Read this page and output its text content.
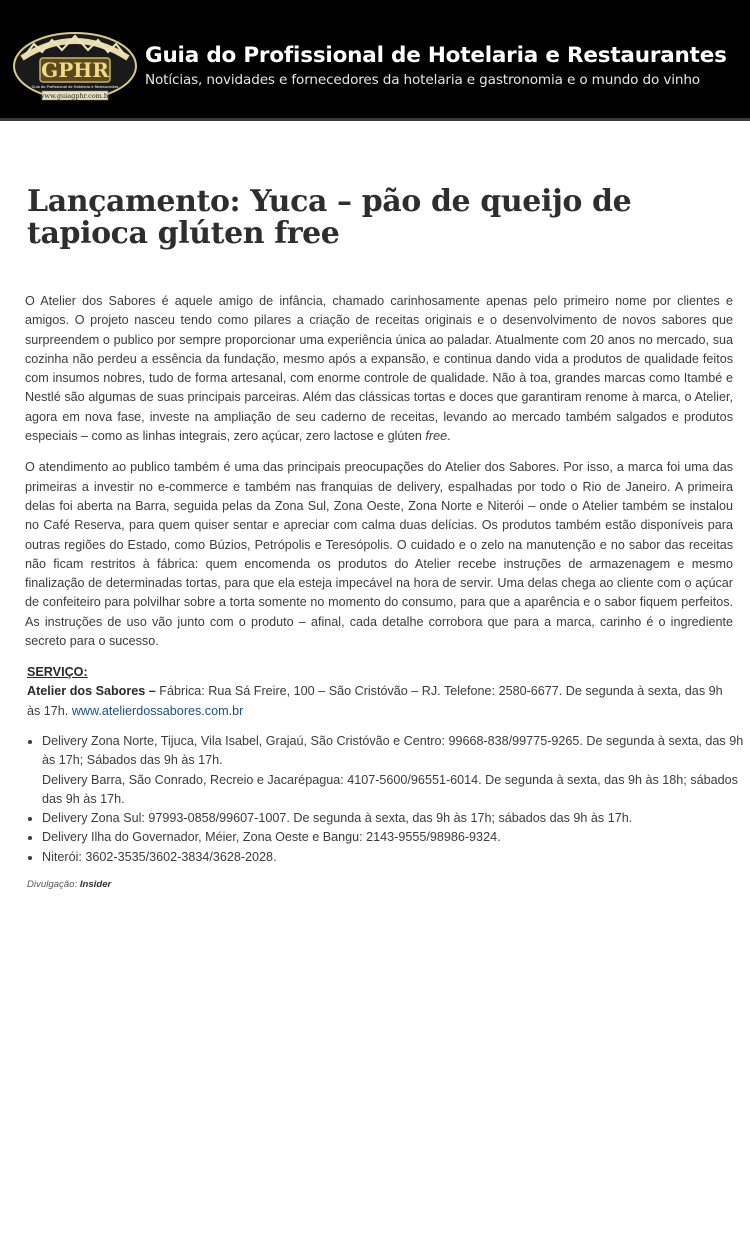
GPHR
Guia do Profissional de Hotelaria e Restaurantes
www.guiagphr.com.br
Guia do Profissional de Hotelaria e Restaurantes
Notícias, novidades e fornecedores da hotelaria e gastronomia e o mundo do vinho
Lançamento: Yuca – pão de queijo de tapioca glúten free

O Atelier dos Sabores é aquele amigo de infância, chamado carinhosamente apenas pelo primeiro nome por clientes e amigos. O projeto nasceu tendo como pilares a criação de receitas originais e o desenvolvimento de novos sabores que surpreendem o publico por sempre proporcionar uma experiência única ao paladar. Atualmente com 20 anos no mercado, sua cozinha não perdeu a essência da fundação, mesmo após a expansão, e continua dando vida a produtos de qualidade feitos com insumos nobres, tudo de forma artesanal, com enorme controle de qualidade. Não à toa, grandes marcas como Itambé e Nestlé são algumas de suas principais parceiras. Além das clássicas tortas e doces que garantiram renome à marca, o Atelier, agora em nova fase, investe na ampliação de seu caderno de receitas, levando ao mercado também salgados e produtos especiais – como as linhas integrais, zero açúcar, zero lactose e glúten free.

O atendimento ao publico também é uma das principais preocupações do Atelier dos Sabores. Por isso, a marca foi uma das primeiras a investir no e-commerce e também nas franquias de delivery, espalhadas por todo o Rio de Janeiro. A primeira delas foi aberta na Barra, seguida pelas da Zona Sul, Zona Oeste, Zona Norte e Niterói – onde o Atelier também se instalou no Café Reserva, para quem quiser sentar e apreciar com calma duas delícias. Os produtos também estão disponíveis para outras regiões do Estado, como Búzios, Petrópolis e Teresópolis. O cuidado e o zelo na manutenção e no sabor das receitas não ficam restritos à fábrica: quem encomenda os produtos do Atelier recebe instruções de armazenagem e mesmo finalização de determinadas tortas, para que ela esteja impecável na hora de servir. Uma delas chega ao cliente com o açúcar de confeiteiro para polvilhar sobre a torta somente no momento do consumo, para que a aparência e o sabor fiquem perfeitos. As instruções de uso vão junto com o produto – afinal, cada detalhe corrobora que para a marca, carinho é o ingrediente secreto para o sucesso.

SERVIÇO:
Atelier dos Sabores – Fábrica: Rua Sá Freire, 100 – São Cristóvão – RJ. Telefone: 2580-6677. De segunda à sexta, das 9h às 17h. www.atelierdossabores.com.br
• Delivery Zona Norte, Tijuca, Vila Isabel, Grajaú, São Cristóvão e Centro: 99668-838/99775-9265. De segunda à sexta, das 9h às 17h; Sábados das 9h às 17h.
Delivery Barra, São Conrado, Recreio e Jacarépagua: 4107-5600/96551-6014. De segunda à sexta, das 9h às 18h; sábados das 9h às 17h.
• Delivery Zona Sul: 97993-0858/99607-1007. De segunda à sexta, das 9h às 17h; sábados das 9h às 17h.
• Delivery Ilha do Governador, Méier, Zona Oeste e Bangu: 2143-9555/98986-9324.
• Niterói: 3602-3535/3602-3834/3628-2028.
Divulgação: Insider
